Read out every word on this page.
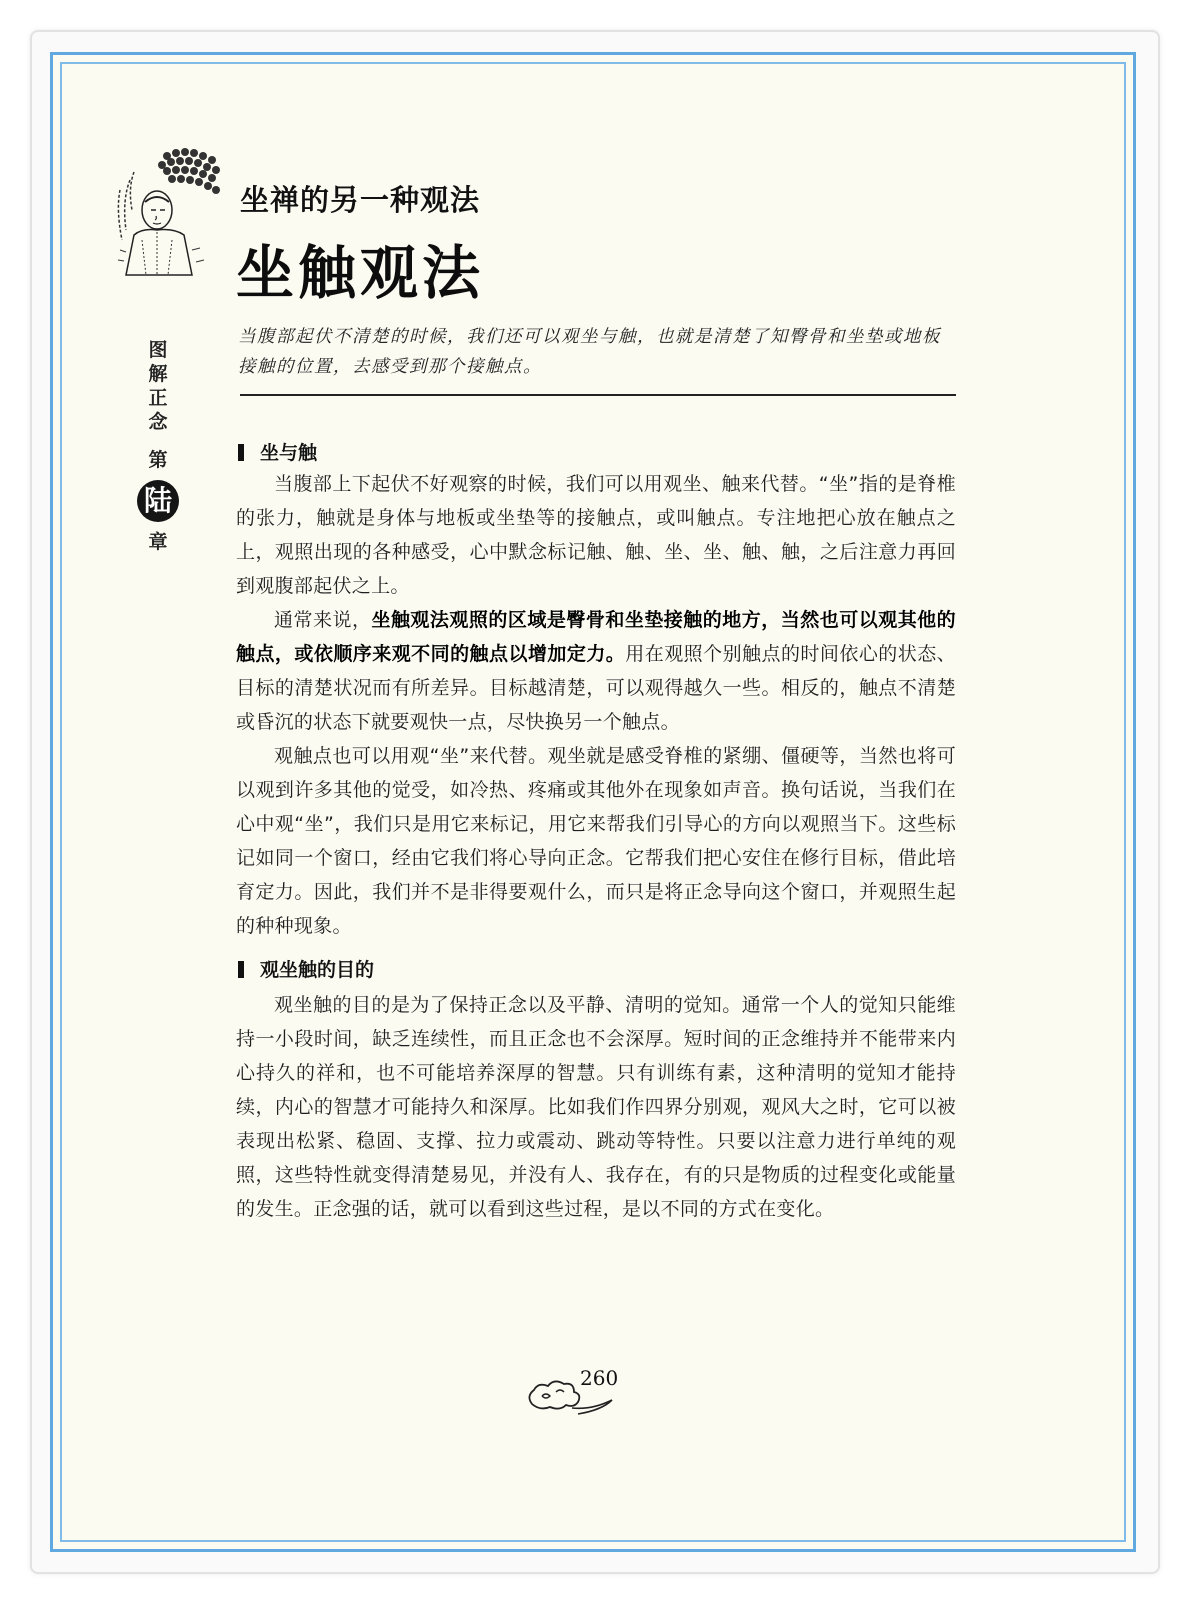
坐禅的另一种观法
坐触观法
图
解
正
念
第
陆
章
当腹部起伏不清楚的时候，我们还可以观坐与触，也就是清楚了知臀骨和坐垫或地板接触的位置，去感受到那个接触点。
坐与触

当腹部上下起伏不好观察的时候，我们可以用观坐、触来代替。“坐”指的是脊椎的张力，触就是身体与地板或坐垫等的接触点，或叫触点。专注地把心放在触点之上，观照出现的各种感受，心中默念标记触、触、坐、坐、触、触，之后注意力再回到观腹部起伏之上。

通常来说，坐触观法观照的区域是臀骨和坐垫接触的地方，当然也可以观其他的触点，或依顺序来观不同的触点以增加定力。用在观照个别触点的时间依心的状态、目标的清楚状况而有所差异。目标越清楚，可以观得越久一些。相反的，触点不清楚或昏沉的状态下就要观快一点，尽快换另一个触点。

观触点也可以用观“坐”来代替。观坐就是感受脊椎的紧绷、僵硬等，当然也将可以观到许多其他的觉受，如冷热、疼痛或其他外在现象如声音。换句话说，当我们在心中观“坐”，我们只是用它来标记，用它来帮我们引导心的方向以观照当下。这些标记如同一个窗口，经由它我们将心导向正念。它帮我们把心安住在修行目标，借此培育定力。因此，我们并不是非得要观什么，而只是将正念导向这个窗口，并观照生起的种种现象。

观坐触的目的

观坐触的目的是为了保持正念以及平静、清明的觉知。通常一个人的觉知只能维持一小段时间，缺乏连续性，而且正念也不会深厚。短时间的正念维持并不能带来内心持久的祥和，也不可能培养深厚的智慧。只有训练有素，这种清明的觉知才能持续，内心的智慧才可能持久和深厚。比如我们作四界分别观，观风大之时，它可以被表现出松紧、稳固、支撑、拉力或震动、跳动等特性。只要以注意力进行单纯的观照，这些特性就变得清楚易见，并没有人、我存在，有的只是物质的过程变化或能量的发生。正念强的话，就可以看到这些过程，是以不同的方式在变化。

260
